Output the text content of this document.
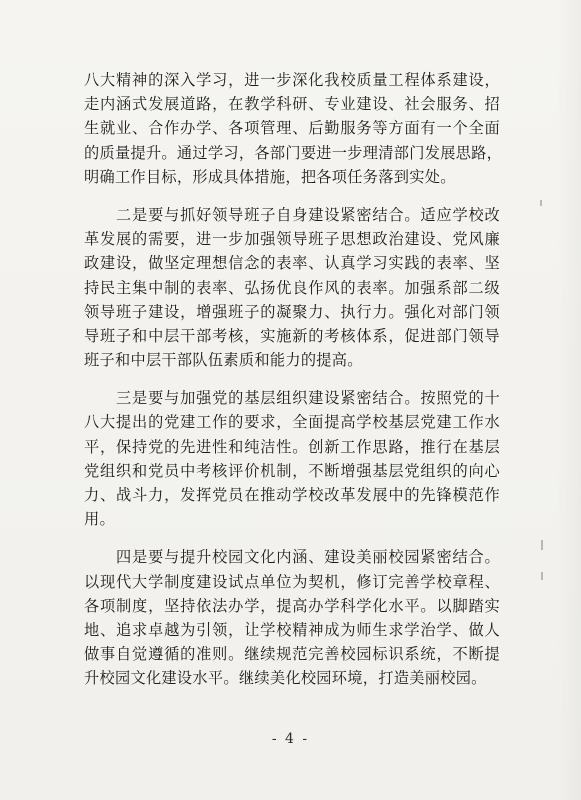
八大精神的深入学习，进一步深化我校质量工程体系建设，
走内涵式发展道路，在教学科研、专业建设、社会服务、招
生就业、合作办学、各项管理、后勤服务等方面有一个全面
的质量提升。通过学习，各部门要进一步理清部门发展思路，
明确工作目标，形成具体措施，把各项任务落到实处。
　　二是要与抓好领导班子自身建设紧密结合。适应学校改
革发展的需要，进一步加强领导班子思想政治建设、党风廉
政建设，做坚定理想信念的表率、认真学习实践的表率、坚
持民主集中制的表率、弘扬优良作风的表率。加强系部二级
领导班子建设，增强班子的凝聚力、执行力。强化对部门领
导班子和中层干部考核，实施新的考核体系，促进部门领导
班子和中层干部队伍素质和能力的提高。
　　三是要与加强党的基层组织建设紧密结合。按照党的十
八大提出的党建工作的要求，全面提高学校基层党建工作水
平，保持党的先进性和纯洁性。创新工作思路，推行在基层
党组织和党员中考核评价机制，不断增强基层党组织的向心
力、战斗力，发挥党员在推动学校改革发展中的先锋模范作
用。
　　四是要与提升校园文化内涵、建设美丽校园紧密结合。
以现代大学制度建设试点单位为契机，修订完善学校章程、
各项制度，坚持依法办学，提高办学科学化水平。以脚踏实
地、追求卓越为引领，让学校精神成为师生求学治学、做人
做事自觉遵循的准则。继续规范完善校园标识系统，不断提
升校园文化建设水平。继续美化校园环境，打造美丽校园。
- 4 -
